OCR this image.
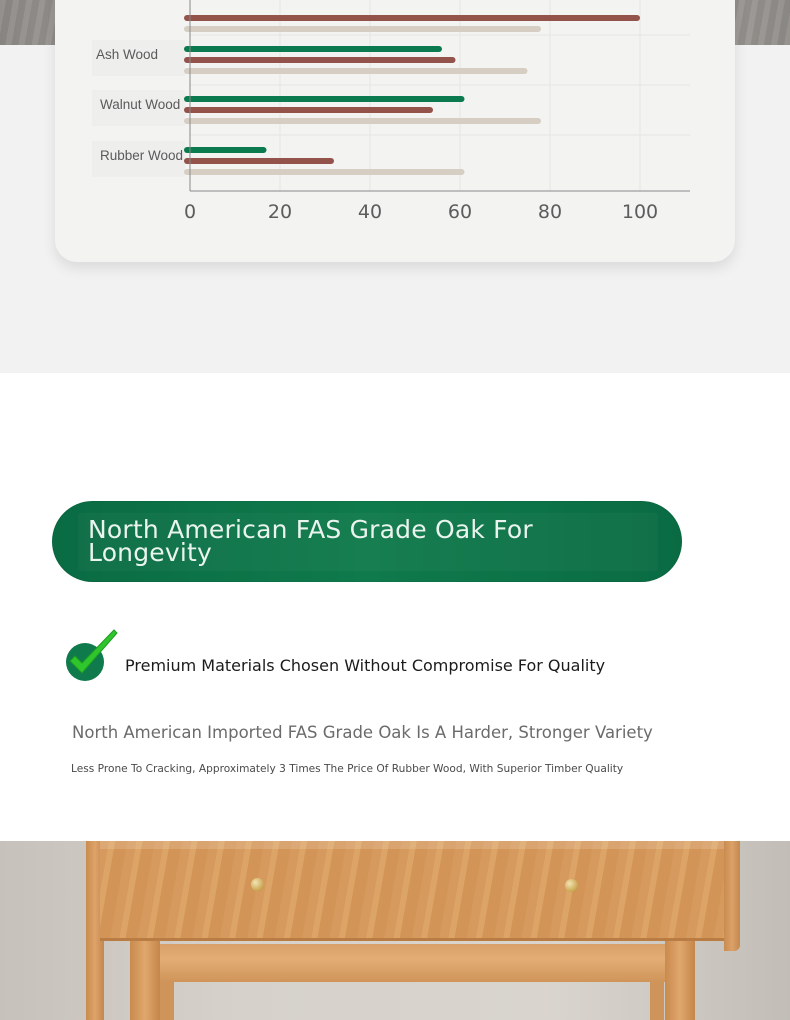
Ash Wood
Walnut Wood
Rubber Wood
0	20	40	60	80	100
North American FAS Grade Oak For Longevity
Premium Materials Chosen Without Compromise For Quality
North American Imported FAS Grade Oak Is A Harder, Stronger Variety
Less Prone To Cracking, Approximately 3 Times The Price Of Rubber Wood, With Superior Timber Quality
